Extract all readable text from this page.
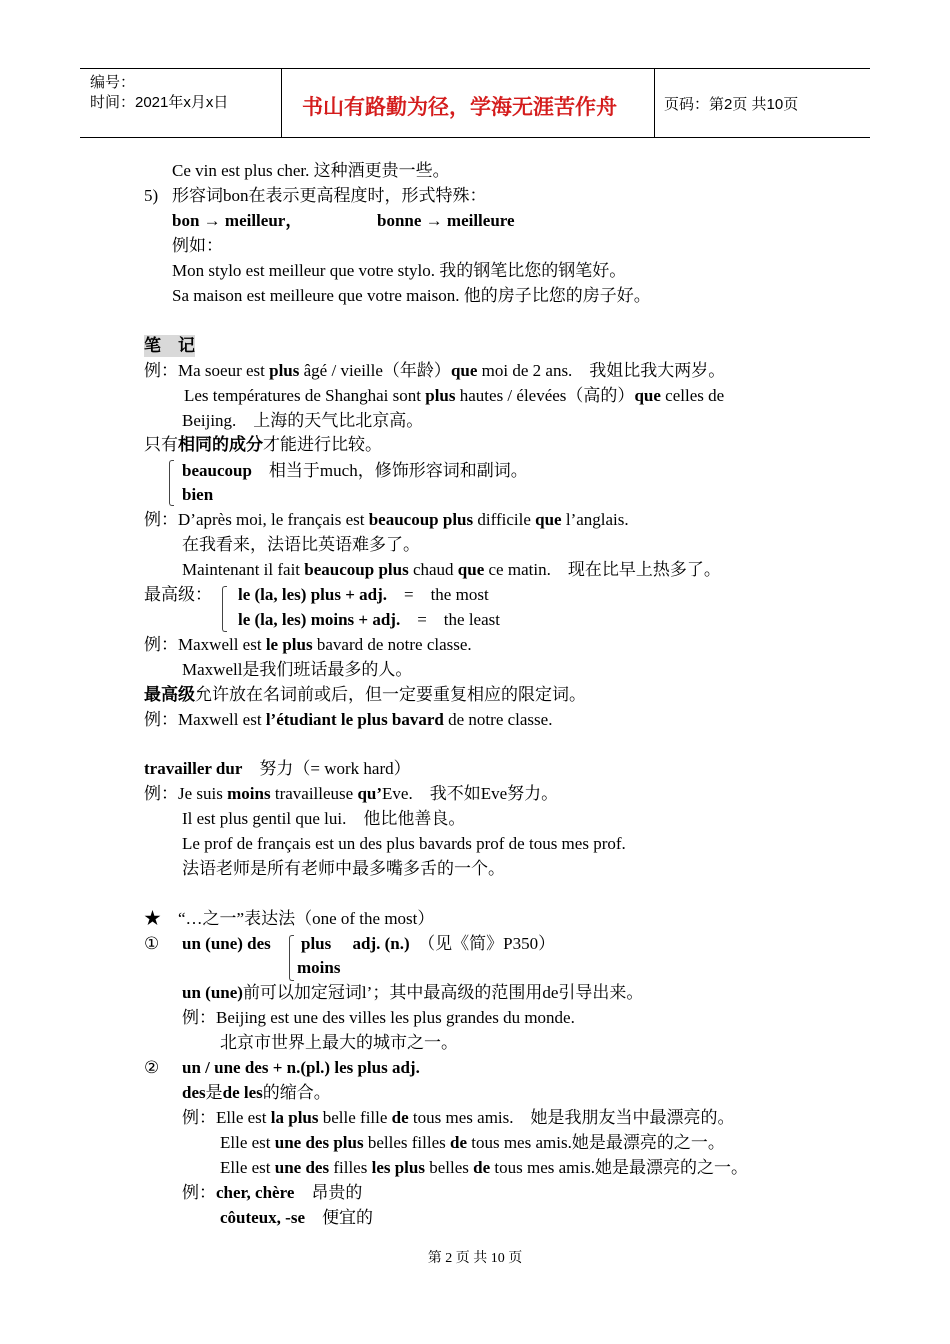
编号：
时间：2021年x月x日	书山有路勤为径，学海无涯苦作舟	页码：第2页 共10页
Ce vin est plus cher. 这种酒更贵一些。
5) 形容词bon在表示更高程度时，形式特殊：
bon → meilleur，	bonne → meilleure
例如：
Mon stylo est meilleur que votre stylo. 我的钢笔比您的钢笔好。
Sa maison est meilleure que votre maison. 他的房子比您的房子好。
笔　记
例：Ma soeur est plus âgé / vieille（年龄）que moi de 2 ans.　我姐比我大两岁。
Les températures de Shanghai sont plus hautes / élevées（高的）que celles de
Beijing.　上海的天气比北京高。
只有相同的成分才能进行比较。
beaucoup　相当于much，修饰形容词和副词。
bien
例：D’après moi, le français est beaucoup plus difficile que l’anglais.
在我看来，法语比英语难多了。
Maintenant il fait beaucoup plus chaud que ce matin.　现在比早上热多了。
最高级： le (la, les) plus + adj.　=　the most
le (la, les) moins + adj.　=　the least
例：Maxwell est le plus bavard de notre classe.
Maxwell是我们班话最多的人。
最高级允许放在名词前或后，但一定要重复相应的限定词。
例：Maxwell est l’étudiant le plus bavard de notre classe.
travailler dur　努力（= work hard）
例：Je suis moins travailleuse qu’Eve.　我不如Eve努力。
Il est plus gentil que lui.　他比他善良。
Le prof de français est un des plus bavards prof de tous mes prof.
法语老师是所有老师中最多嘴多舌的一个。
★　“…之一”表达法（one of the most）
① un (une) des plus　 adj. (n.)　（见《简》P350）
moins
un (une)前可以加定冠词l’；其中最高级的范围用de引导出来。
例：Beijing est une des villes les plus grandes du monde.
北京市世界上最大的城市之一。
② un / une des + n.(pl.) les plus adj.
des是de les的缩合。
例：Elle est la plus belle fille de tous mes amis.　她是我朋友当中最漂亮的。
Elle est une des plus belles filles de tous mes amis.她是最漂亮的之一。
Elle est une des filles les plus belles de tous mes amis.她是最漂亮的之一。
例：cher, chère　昂贵的
côuteux, -se　便宜的
第 2 页 共 10 页
